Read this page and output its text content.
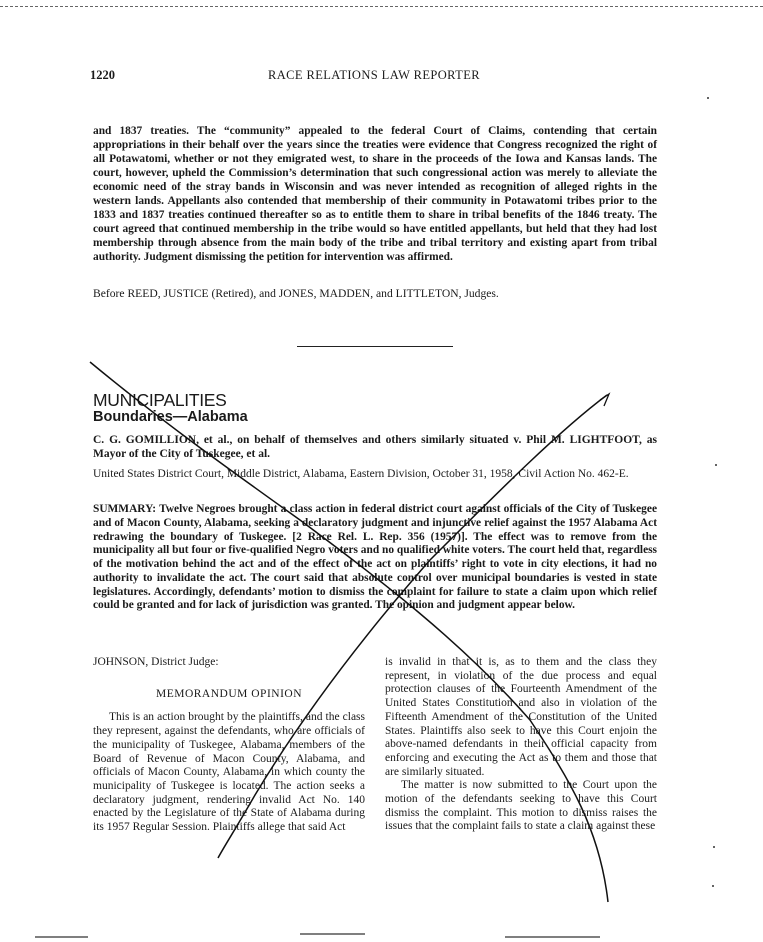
1220	RACE RELATIONS LAW REPORTER
and 1837 treaties. The “community” appealed to the federal Court of Claims, contending that certain appropriations in their behalf over the years since the treaties were evidence that Congress recognized the right of all Potawatomi, whether or not they emigrated west, to share in the proceeds of the Iowa and Kansas lands. The court, however, upheld the Commission’s determination that such congressional action was merely to alleviate the economic need of the stray bands in Wisconsin and was never intended as recognition of alleged rights in the western lands. Appellants also contended that membership of their community in Potawatomi tribes prior to the 1833 and 1837 treaties continued thereafter so as to entitle them to share in tribal benefits of the 1846 treaty. The court agreed that continued membership in the tribe would so have entitled appellants, but held that they had lost membership through absence from the main body of the tribe and tribal territory and existing apart from tribal authority. Judgment dismissing the petition for intervention was affirmed.
Before REED, JUSTICE (Retired), and JONES, MADDEN, and LITTLETON, Judges.
MUNICIPALITIES
Boundaries—Alabama
C. G. GOMILLION, et al., on behalf of themselves and others similarly situated v. Phil M. LIGHTFOOT, as Mayor of the City of Tuskegee, et al.
United States District Court, Middle District, Alabama, Eastern Division, October 31, 1958, Civil Action No. 462-E.
SUMMARY: Twelve Negroes brought a class action in federal district court against officials of the City of Tuskegee and of Macon County, Alabama, seeking a declaratory judgment and injunctive relief against the 1957 Alabama Act redrawing the boundary of Tuskegee. [2 Race Rel. L. Rep. 356 (1957)]. The effect was to remove from the municipality all but four or five-qualified Negro voters and no qualified white voters. The court held that, regardless of the motivation behind the act and of the effect of the act on plaintiffs’ right to vote in city elections, it had no authority to invalidate the act. The court said that absolute control over municipal boundaries is vested in state legislatures. Accordingly, defendants’ motion to dismiss the complaint for failure to state a claim upon which relief could be granted and for lack of jurisdiction was granted. The opinion and judgment appear below.

JOHNSON, District Judge:

MEMORANDUM OPINION

This is an action brought by the plaintiffs, and the class they represent, against the defendants, who are officials of the municipality of Tuskegee, Alabama, members of the Board of Revenue of Macon County, Alabama, and officials of Macon County, Alabama, in which county the municipality of Tuskegee is located. The action seeks a declaratory judgment, rendering invalid Act No. 140 enacted by the Legislature of the State of Alabama during its 1957 Regular Session. Plaintiffs allege that said Act

is invalid in that it is, as to them and the class they represent, in violation of the due process and equal protection clauses of the Fourteenth Amendment of the United States Constitution and also in violation of the Fifteenth Amendment of the Constitution of the United States. Plaintiffs also seek to have this Court enjoin the above-named defendants in their official capacity from enforcing and executing the Act as to them and those that are similarly situated.

The matter is now submitted to the Court upon the motion of the defendants seeking to have this Court dismiss the complaint. This motion to dismiss raises the issues that the complaint fails to state a claim against these
